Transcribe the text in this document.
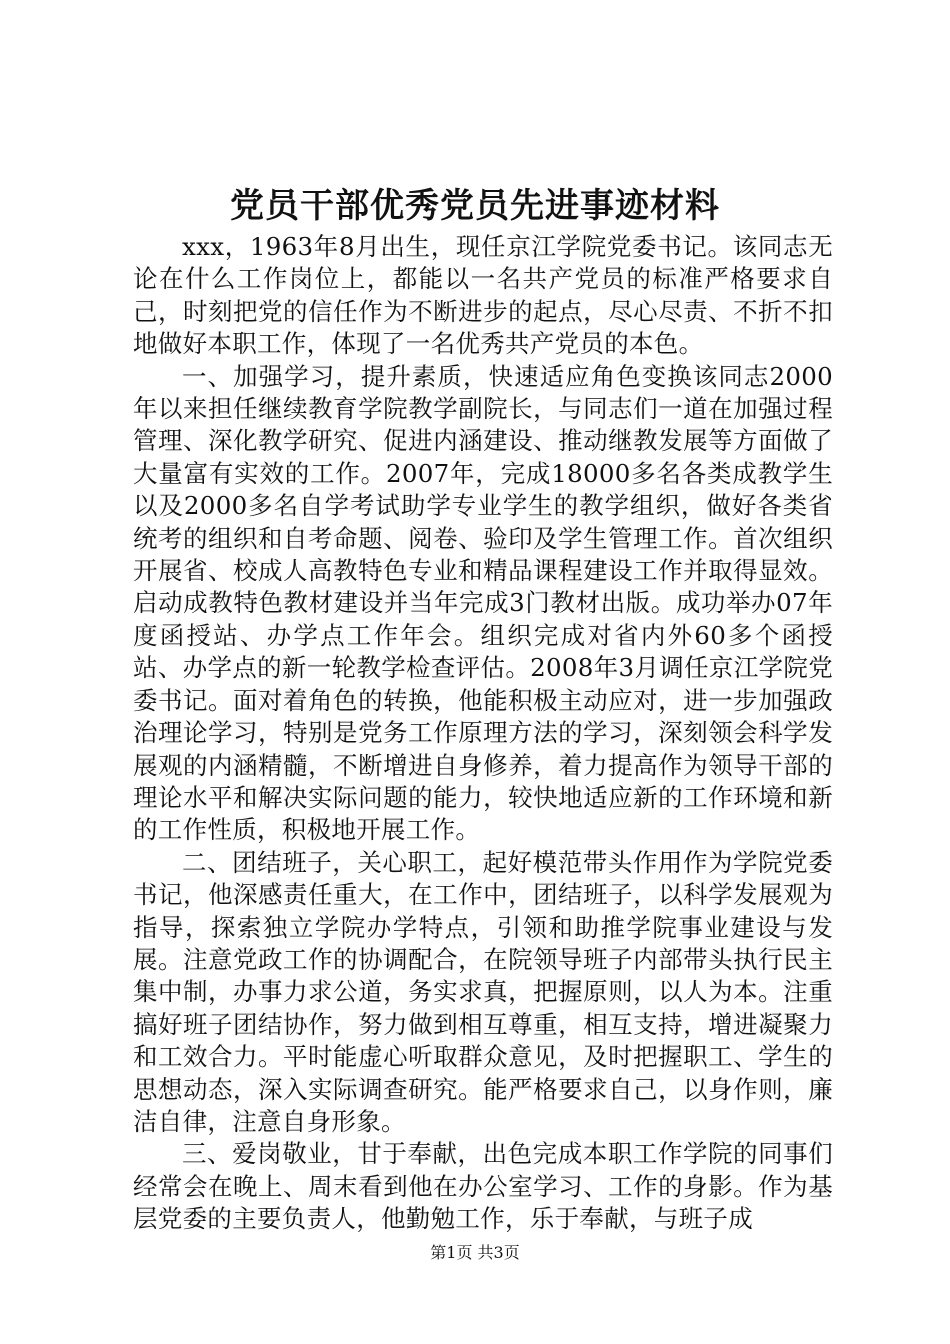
党员干部优秀党员先进事迹材料

xxx，1963年8月出生，现任京江学院党委书记。该同志无论在什么工作岗位上，都能以一名共产党员的标准严格要求自己，时刻把党的信任作为不断进步的起点，尽心尽责、不折不扣地做好本职工作，体现了一名优秀共产党员的本色。

一、加强学习，提升素质，快速适应角色变换该同志2000年以来担任继续教育学院教学副院长，与同志们一道在加强过程管理、深化教学研究、促进内涵建设、推动继教发展等方面做了大量富有实效的工作。2007年，完成18000多名各类成教学生以及2000多名自学考试助学专业学生的教学组织，做好各类省统考的组织和自考命题、阅卷、验印及学生管理工作。首次组织开展省、校成人高教特色专业和精品课程建设工作并取得显效。启动成教特色教材建设并当年完成3门教材出版。成功举办07年度函授站、办学点工作年会。组织完成对省内外60多个函授站、办学点的新一轮教学检查评估。2008年3月调任京江学院党委书记。面对着角色的转换，他能积极主动应对，进一步加强政治理论学习，特别是党务工作原理方法的学习，深刻领会科学发展观的内涵精髓，不断增进自身修养，着力提高作为领导干部的理论水平和解决实际问题的能力，较快地适应新的工作环境和新的工作性质，积极地开展工作。

二、团结班子，关心职工，起好模范带头作用作为学院党委书记，他深感责任重大，在工作中，团结班子，以科学发展观为指导，探索独立学院办学特点，引领和助推学院事业建设与发展。注意党政工作的协调配合，在院领导班子内部带头执行民主集中制，办事力求公道，务实求真，把握原则，以人为本。注重搞好班子团结协作，努力做到相互尊重，相互支持，增进凝聚力和工效合力。平时能虚心听取群众意见，及时把握职工、学生的思想动态，深入实际调查研究。能严格要求自己，以身作则，廉洁自律，注意自身形象。

三、爱岗敬业，甘于奉献，出色完成本职工作学院的同事们经常会在晚上、周末看到他在办公室学习、工作的身影。作为基层党委的主要负责人，他勤勉工作，乐于奉献，与班子成

第1页 共3页
